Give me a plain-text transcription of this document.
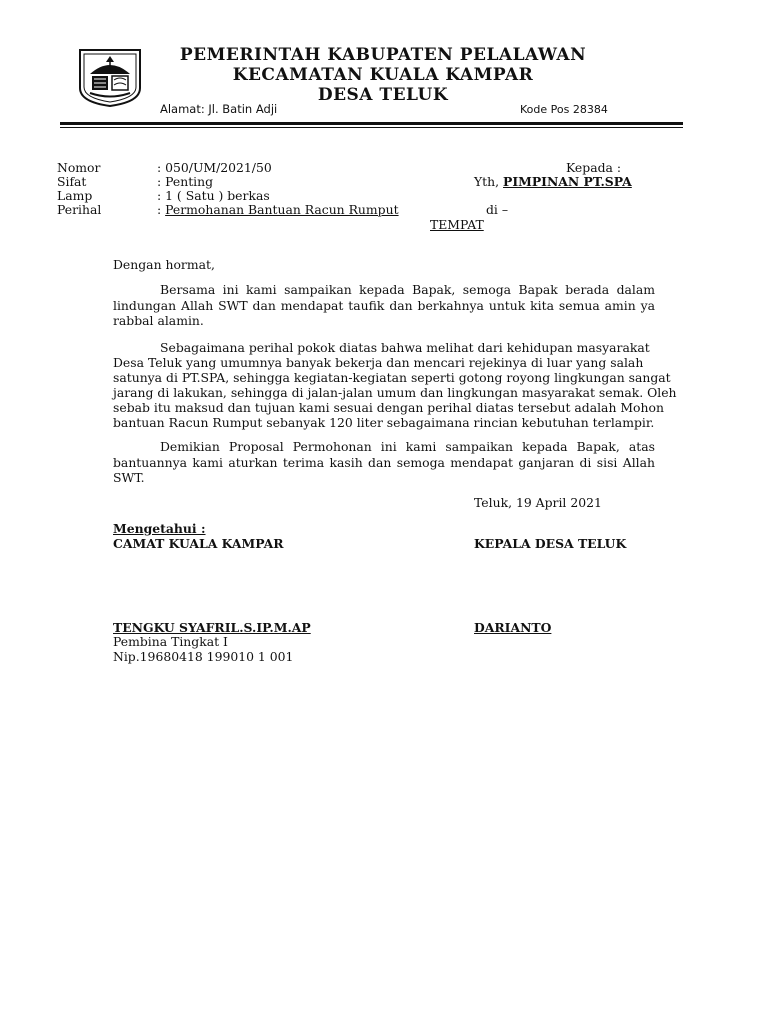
PEMERINTAH KABUPATEN PELALAWAN
KECAMATAN KUALA KAMPAR
DESA TELUK
Alamat: Jl. Batin Adji	Kode Pos 28384
Nomor	: 050/UM/2021/50
Sifat	: Penting
Lamp	: 1 ( Satu ) berkas
Perihal	: Permohanan Bantuan Racun Rumput
Kepada :
Yth, PIMPINAN PT.SPA
di –
TEMPAT
Dengan hormat,
Bersama ini kami sampaikan kepada Bapak, semoga Bapak berada dalam lindungan Allah SWT dan mendapat taufik dan berkahnya untuk kita semua amin ya rabbal alamin.
Sebagaimana perihal pokok diatas bahwa melihat dari kehidupan masyarakat
Desa Teluk yang umumnya banyak bekerja dan mencari rejekinya di luar yang salah
satunya di PT.SPA, sehingga kegiatan-kegiatan seperti gotong royong lingkungan sangat
jarang di lakukan, sehingga di jalan-jalan umum dan lingkungan masyarakat semak. Oleh
sebab itu maksud dan tujuan kami sesuai dengan perihal diatas tersebut adalah Mohon
bantuan Racun Rumput sebanyak 120 liter sebagaimana rincian kebutuhan terlampir.
Demikian Proposal Permohonan ini kami sampaikan kepada Bapak, atas bantuannya kami aturkan terima kasih dan semoga mendapat ganjaran di sisi Allah SWT.
Teluk, 19 April 2021
Mengetahui :
CAMAT KUALA KAMPAR	KEPALA DESA TELUK
TENGKU SYAFRIL.S.IP.M.AP	DARIANTO
Pembina Tingkat I
Nip.19680418 199010 1 001
